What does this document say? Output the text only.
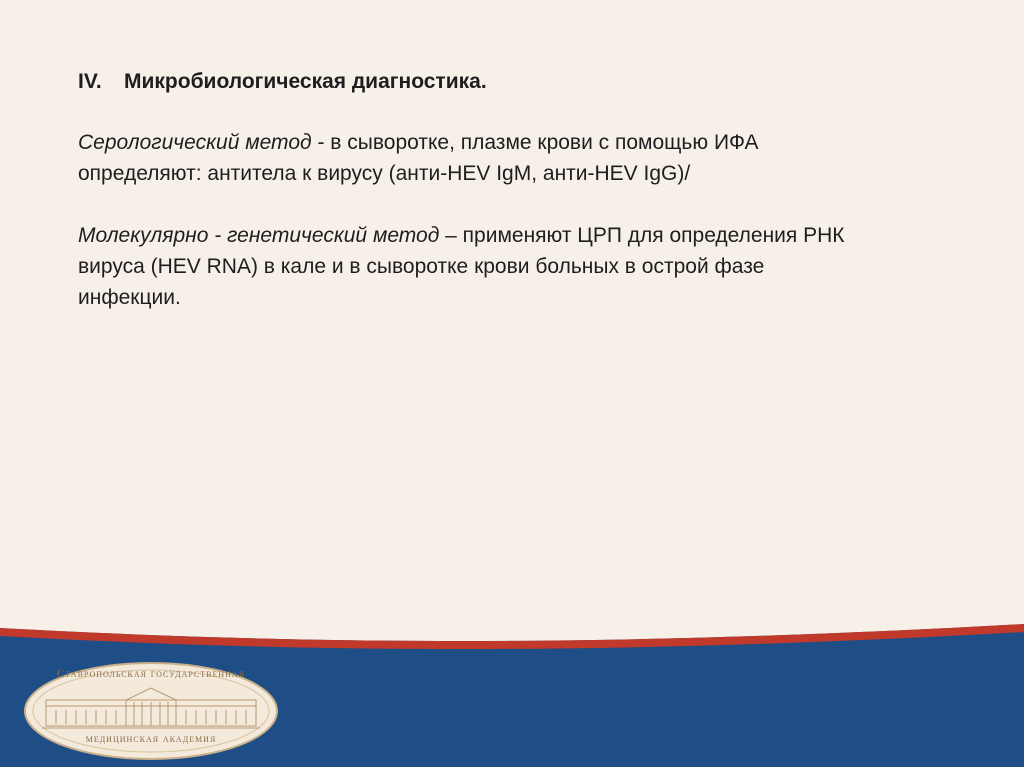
IV. Микробиологическая диагностика.

Серологический метод - в сыворотке, плазме крови с помощью ИФА
определяют: антитела к вирусу (анти-HEV IgM, анти-HEV IgG)/

Молекулярно - генетический метод – применяют ЦРП для определения РНК
вируса (HEV RNA) в кале и в сыворотке крови больных в острой фазе
инфекции.

Ставропольская государственная
медицинская академия
